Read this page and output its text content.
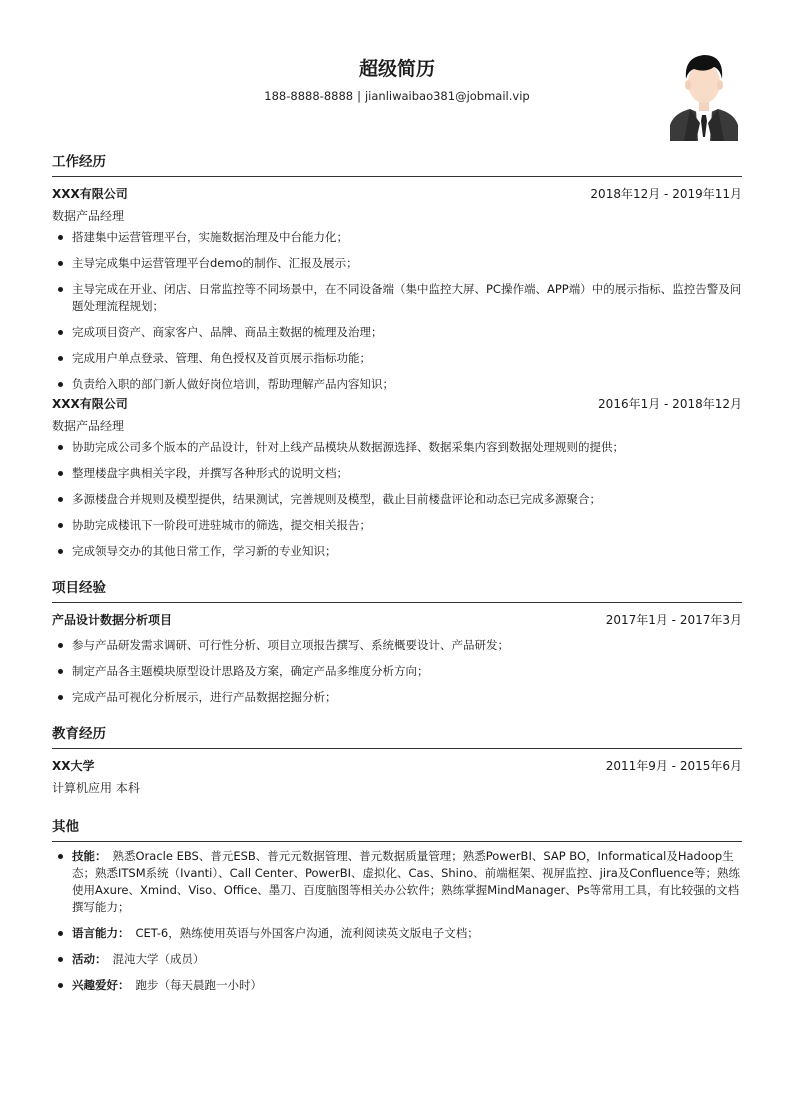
超级简历
188-8888-8888 | jianliwaibao381@jobmail.vip
工作经历
XXX有限公司	2018年12月 - 2019年11月
数据产品经理
搭建集中运营管理平台，实施数据治理及中台能力化；
主导完成集中运营管理平台demo的制作、汇报及展示；
主导完成在开业、闭店、日常监控等不同场景中，在不同设备端（集中监控大屏、PC操作端、APP端）中的展示指标、监控告警及问题处理流程规划；
完成项目资产、商家客户、品牌、商品主数据的梳理及治理；
完成用户单点登录、管理、角色授权及首页展示指标功能；
负责给入职的部门新人做好岗位培训，帮助理解产品内容知识；
XXX有限公司	2016年1月 - 2018年12月
数据产品经理
协助完成公司多个版本的产品设计，针对上线产品模块从数据源选择、数据采集内容到数据处理规则的提供；
整理楼盘字典相关字段，并撰写各种形式的说明文档；
多源楼盘合并规则及模型提供，结果测试，完善规则及模型，截止目前楼盘评论和动态已完成多源聚合；
协助完成楼讯下一阶段可进驻城市的筛选，提交相关报告；
完成领导交办的其他日常工作，学习新的专业知识；
项目经验
产品设计数据分析项目	2017年1月 - 2017年3月
参与产品研发需求调研、可行性分析、项目立项报告撰写、系统概要设计、产品研发；
制定产品各主题模块原型设计思路及方案，确定产品多维度分析方向；
完成产品可视化分析展示，进行产品数据挖掘分析；
教育经历
XX大学	2011年9月 - 2015年6月
计算机应用 本科
其他
技能： 熟悉Oracle EBS、普元ESB、普元元数据管理、普元数据质量管理；熟悉PowerBI、SAP BO，Informatical及Hadoop生态；熟悉ITSM系统（Ivanti）、Call Center、PowerBI、虚拟化、Cas、Shino、前端框架、视屏监控、jira及Confluence等；熟练使用Axure、Xmind、Viso、Office、墨刀、百度脑图等相关办公软件；熟练掌握MindManager、Ps等常用工具，有比较强的文档撰写能力；
语言能力： CET-6，熟练使用英语与外国客户沟通，流利阅读英文版电子文档；
活动： 混沌大学（成员）
兴趣爱好： 跑步（每天晨跑一小时）
